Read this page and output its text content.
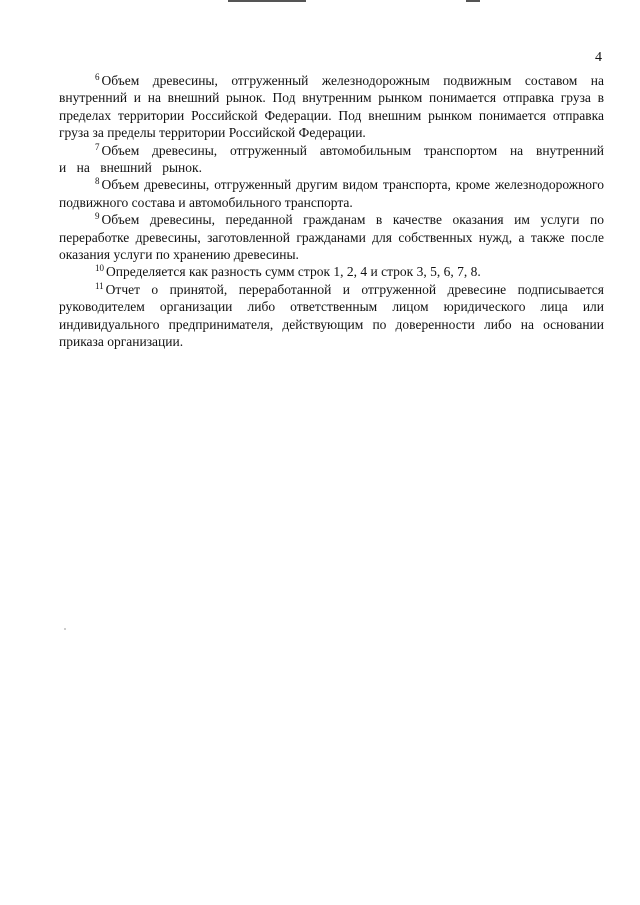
4

$^6$ Объем древесины, отгруженный железнодорожным подвижным составом на внутренний и на внешний рынок. Под внутренним рынком понимается отправка груза в пределах территории Российской Федерации. Под внешним рынком понимается отправка груза за пределы территории Российской Федерации.

$^7$ Объем древесины, отгруженный автомобильным транспортом на внутренний и на внешний рынок.

$^8$ Объем древесины, отгруженный другим видом транспорта, кроме железнодорожного подвижного состава и автомобильного транспорта.

$^9$ Объем древесины, переданной гражданам в качестве оказания им услуги по переработке древесины, заготовленной гражданами для собственных нужд, а также после оказания услуги по хранению древесины.

$^{10}$ Определяется как разность сумм строк 1, 2, 4 и строк 3, 5, 6, 7, 8.

$^{11}$ Отчет о принятой, переработанной и отгруженной древесине подписывается руководителем организации либо ответственным лицом юридического лица или индивидуального предпринимателя, действующим по доверенности либо на основании приказа организации.
